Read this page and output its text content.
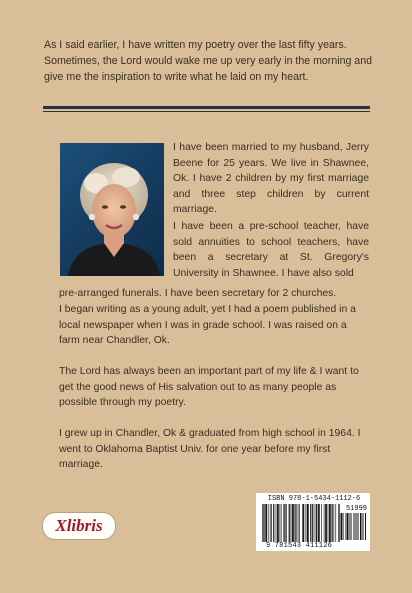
As I said earlier, I have written my poetry over the last fifty years. Sometimes, the Lord would wake me up very early in the morning and give me the inspiration to write what he laid on my heart.

I have been married to my husband, Jerry Beene for 25 years. We live in Shawnee, Ok. I have 2 children by my first marriage and three step children by current marriage.

I have been a pre-school teacher, have sold annuities to school teachers, have been a secretary at St. Gregory's University in Shawnee. I have also sold

pre-arranged funerals. I have been secretary for 2 churches.

I began writing as a young adult, yet I had a poem published in a local newspaper when I was in grade school. I was raised on a farm near Chandler, Ok.

The Lord has always been an important part of my life & I want to get the good news of His salvation out to as many people as possible through my poetry.

I grew up in Chandler, Ok & graduated from high school in 1964. I went to Oklahoma Baptist Univ. for one year before my first marriage.

Xlibris
ISBN 978-1-5434-1112-6
51999
9 781543 411126
